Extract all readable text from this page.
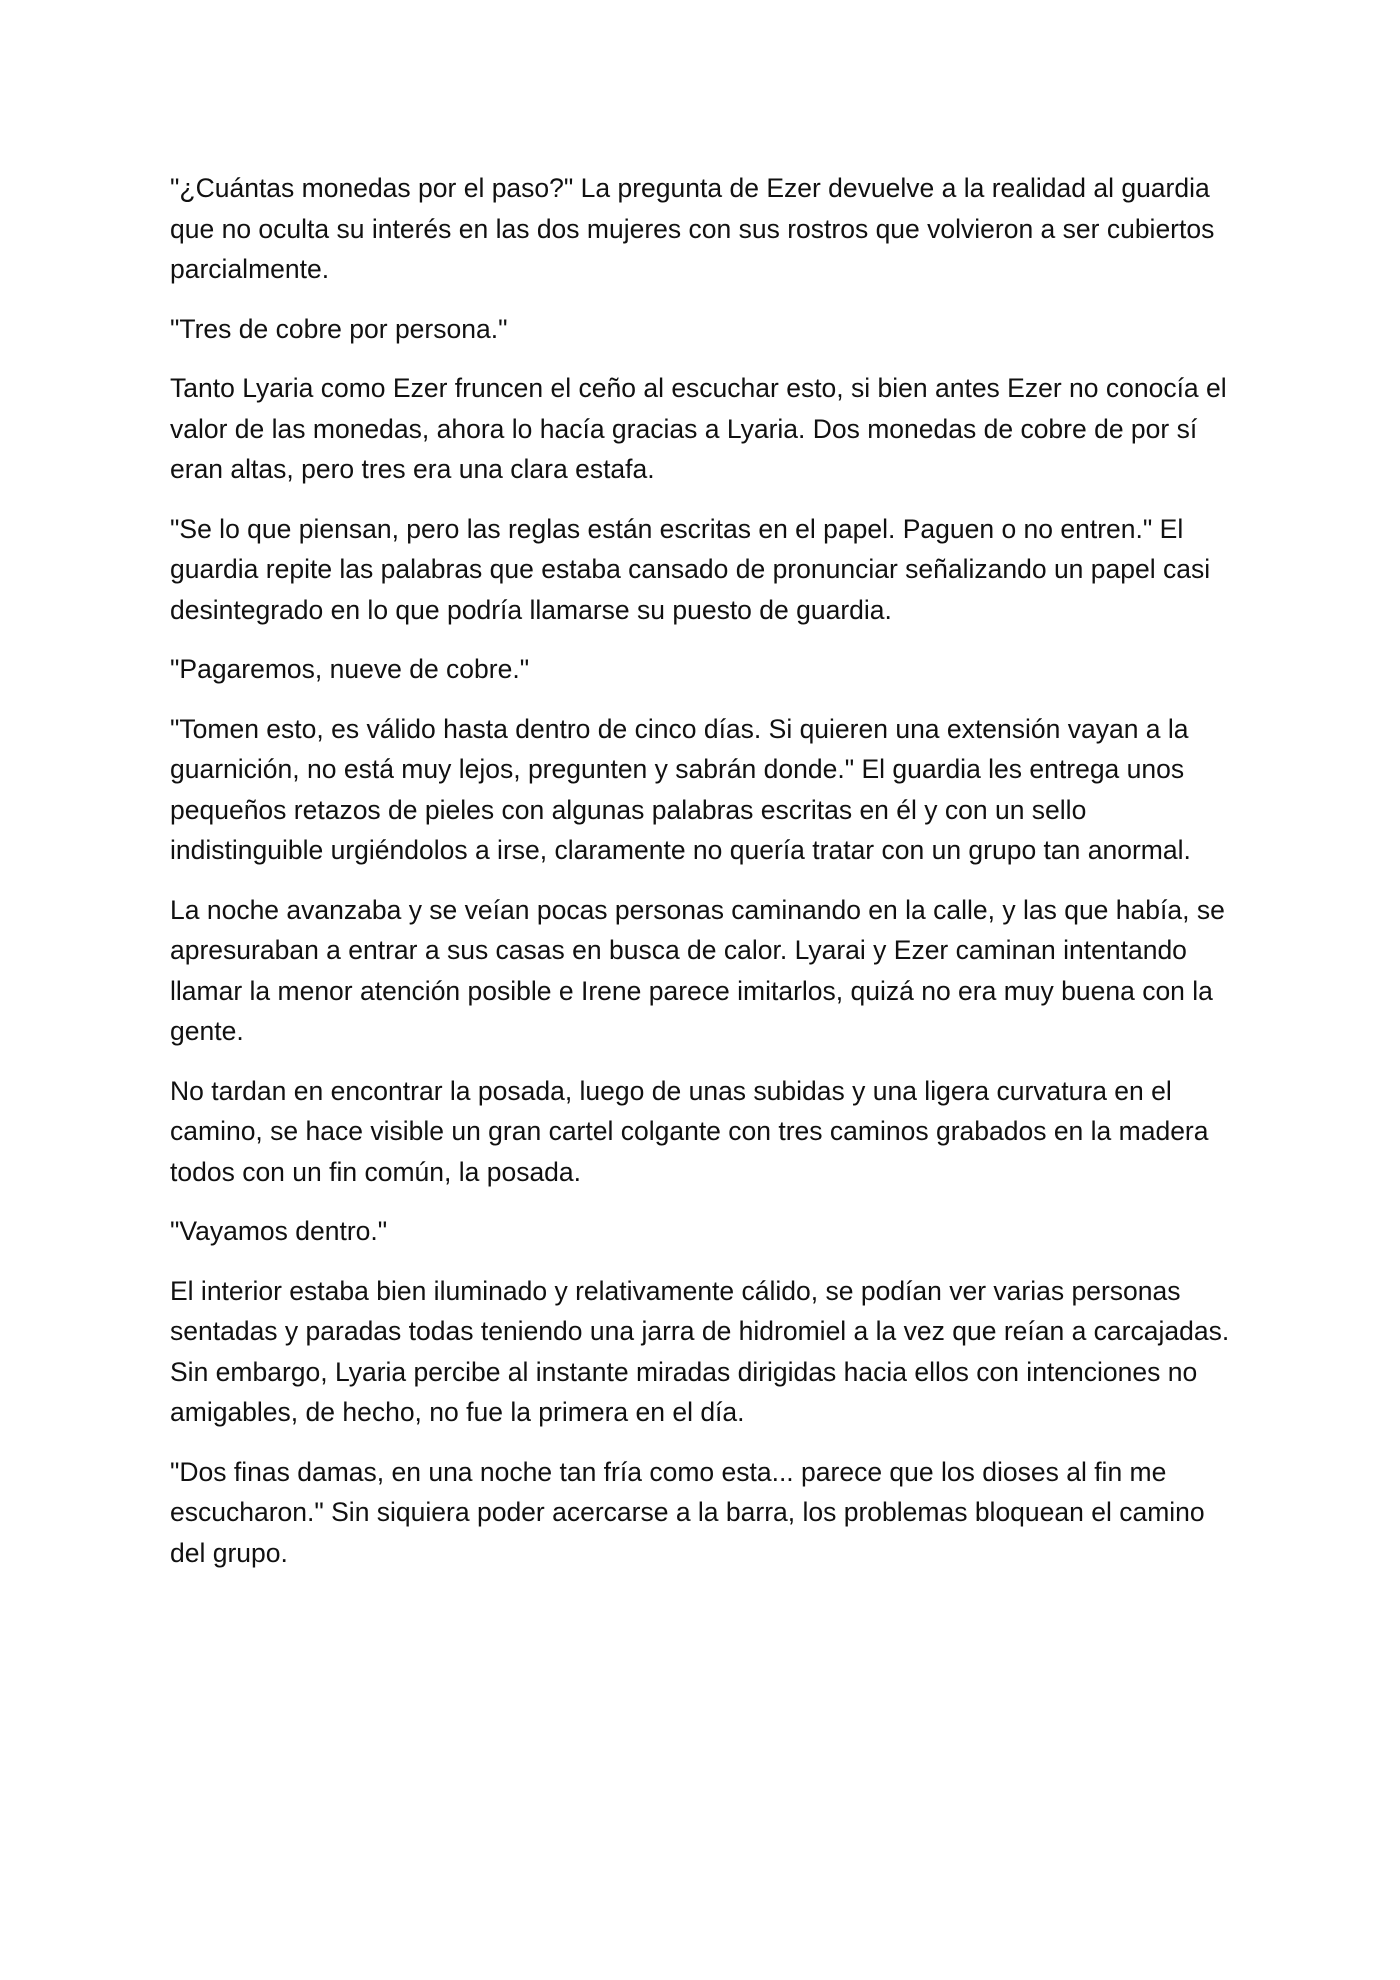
"¿Cuántas monedas por el paso?" La pregunta de Ezer devuelve a la realidad al guardia que no oculta su interés en las dos mujeres con sus rostros que volvieron a ser cubiertos parcialmente.

"Tres de cobre por persona."

Tanto Lyaria como Ezer fruncen el ceño al escuchar esto, si bien antes Ezer no conocía el valor de las monedas, ahora lo hacía gracias a Lyaria. Dos monedas de cobre de por sí eran altas, pero tres era una clara estafa.

"Se lo que piensan, pero las reglas están escritas en el papel. Paguen o no entren." El guardia repite las palabras que estaba cansado de pronunciar señalizando un papel casi desintegrado en lo que podría llamarse su puesto de guardia.

"Pagaremos, nueve de cobre."

"Tomen esto, es válido hasta dentro de cinco días. Si quieren una extensión vayan a la guarnición, no está muy lejos, pregunten y sabrán donde." El guardia les entrega unos pequeños retazos de pieles con algunas palabras escritas en él y con un sello indistinguible urgiéndolos a irse, claramente no quería tratar con un grupo tan anormal.

La noche avanzaba y se veían pocas personas caminando en la calle, y las que había, se apresuraban a entrar a sus casas en busca de calor. Lyarai y Ezer caminan intentando llamar la menor atención posible e Irene parece imitarlos, quizá no era muy buena con la gente.

No tardan en encontrar la posada, luego de unas subidas y una ligera curvatura en el camino, se hace visible un gran cartel colgante con tres caminos grabados en la madera todos con un fin común, la posada.

"Vayamos dentro."

El interior estaba bien iluminado y relativamente cálido, se podían ver varias personas sentadas y paradas todas teniendo una jarra de hidromiel a la vez que reían a carcajadas. Sin embargo, Lyaria percibe al instante miradas dirigidas hacia ellos con intenciones no amigables, de hecho, no fue la primera en el día.

"Dos finas damas, en una noche tan fría como esta... parece que los dioses al fin me escucharon." Sin siquiera poder acercarse a la barra, los problemas bloquean el camino del grupo.
